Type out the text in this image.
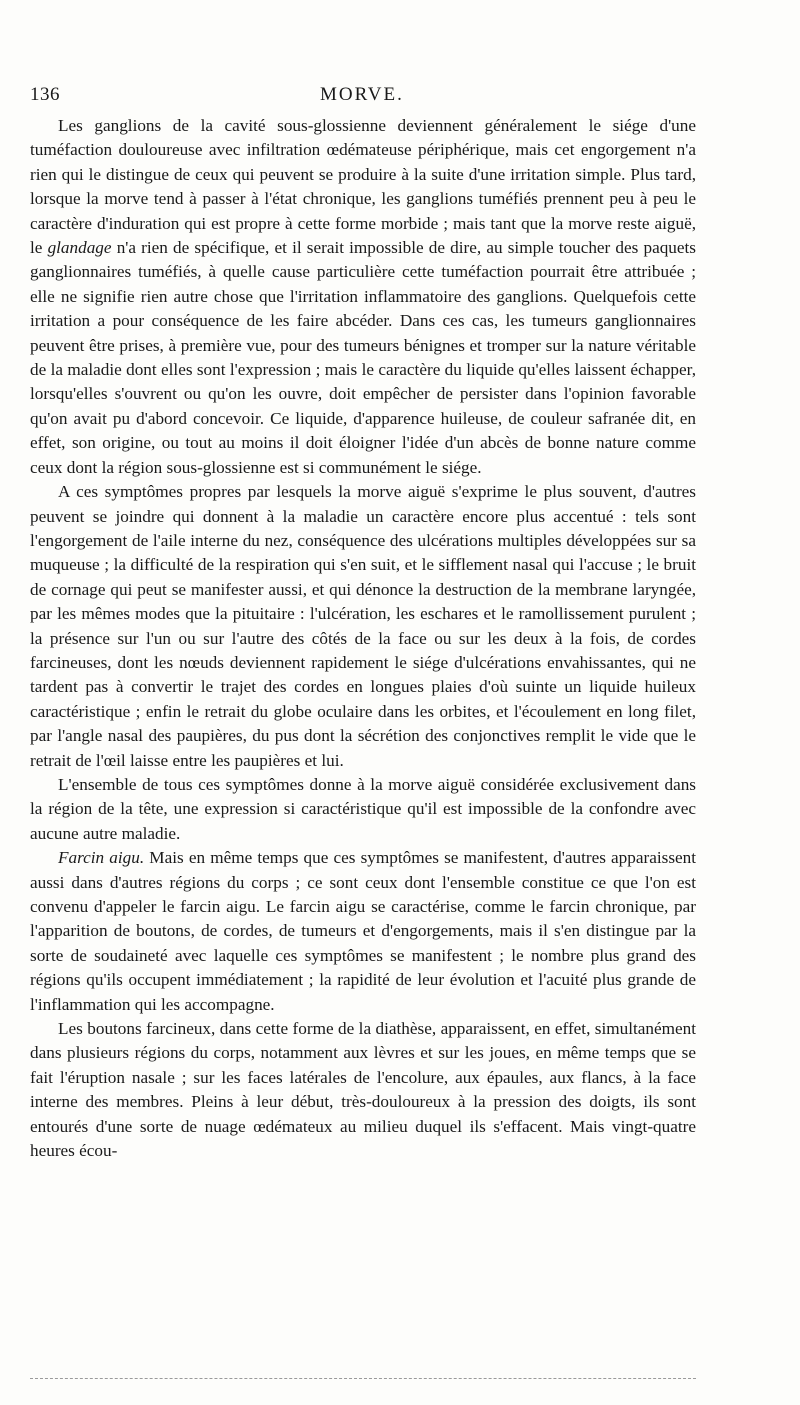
136	MORVE.

Les ganglions de la cavité sous-glossienne deviennent généralement le siége d'une tuméfaction douloureuse avec infiltration œdémateuse périphérique, mais cet engorgement n'a rien qui le distingue de ceux qui peuvent se produire à la suite d'une irritation simple. Plus tard, lorsque la morve tend à passer à l'état chronique, les ganglions tuméfiés prennent peu à peu le caractère d'induration qui est propre à cette forme morbide ; mais tant que la morve reste aiguë, le glandage n'a rien de spécifique, et il serait impossible de dire, au simple toucher des paquets ganglionnaires tuméfiés, à quelle cause particulière cette tuméfaction pourrait être attribuée ; elle ne signifie rien autre chose que l'irritation inflammatoire des ganglions. Quelquefois cette irritation a pour conséquence de les faire abcéder. Dans ces cas, les tumeurs ganglionnaires peuvent être prises, à première vue, pour des tumeurs bénignes et tromper sur la nature véritable de la maladie dont elles sont l'expression ; mais le caractère du liquide qu'elles laissent échapper, lorsqu'elles s'ouvrent ou qu'on les ouvre, doit empêcher de persister dans l'opinion favorable qu'on avait pu d'abord concevoir. Ce liquide, d'apparence huileuse, de couleur safranée dit, en effet, son origine, ou tout au moins il doit éloigner l'idée d'un abcès de bonne nature comme ceux dont la région sous-glossienne est si communément le siége.

A ces symptômes propres par lesquels la morve aiguë s'exprime le plus souvent, d'autres peuvent se joindre qui donnent à la maladie un caractère encore plus accentué : tels sont l'engorgement de l'aile interne du nez, conséquence des ulcérations multiples développées sur sa muqueuse ; la difficulté de la respiration qui s'en suit, et le sifflement nasal qui l'accuse ; le bruit de cornage qui peut se manifester aussi, et qui dénonce la destruction de la membrane laryngée, par les mêmes modes que la pituitaire : l'ulcération, les eschares et le ramollissement purulent ; la présence sur l'un ou sur l'autre des côtés de la face ou sur les deux à la fois, de cordes farcineuses, dont les nœuds deviennent rapidement le siége d'ulcérations envahissantes, qui ne tardent pas à convertir le trajet des cordes en longues plaies d'où suinte un liquide huileux caractéristique ; enfin le retrait du globe oculaire dans les orbites, et l'écoulement en long filet, par l'angle nasal des paupières, du pus dont la sécrétion des conjonctives remplit le vide que le retrait de l'œil laisse entre les paupières et lui.

L'ensemble de tous ces symptômes donne à la morve aiguë considérée exclusivement dans la région de la tête, une expression si caractéristique qu'il est impossible de la confondre avec aucune autre maladie.

Farcin aigu. Mais en même temps que ces symptômes se manifestent, d'autres apparaissent aussi dans d'autres régions du corps ; ce sont ceux dont l'ensemble constitue ce que l'on est convenu d'appeler le farcin aigu. Le farcin aigu se caractérise, comme le farcin chronique, par l'apparition de boutons, de cordes, de tumeurs et d'engorgements, mais il s'en distingue par la sorte de soudaineté avec laquelle ces symptômes se manifestent ; le nombre plus grand des régions qu'ils occupent immédiatement ; la rapidité de leur évolution et l'acuité plus grande de l'inflammation qui les accompagne.

Les boutons farcineux, dans cette forme de la diathèse, apparaissent, en effet, simultanément dans plusieurs régions du corps, notamment aux lèvres et sur les joues, en même temps que se fait l'éruption nasale ; sur les faces latérales de l'encolure, aux épaules, aux flancs, à la face interne des membres. Pleins à leur début, très-douloureux à la pression des doigts, ils sont entourés d'une sorte de nuage œdémateux au milieu duquel ils s'effacent. Mais vingt-quatre heures écou-
